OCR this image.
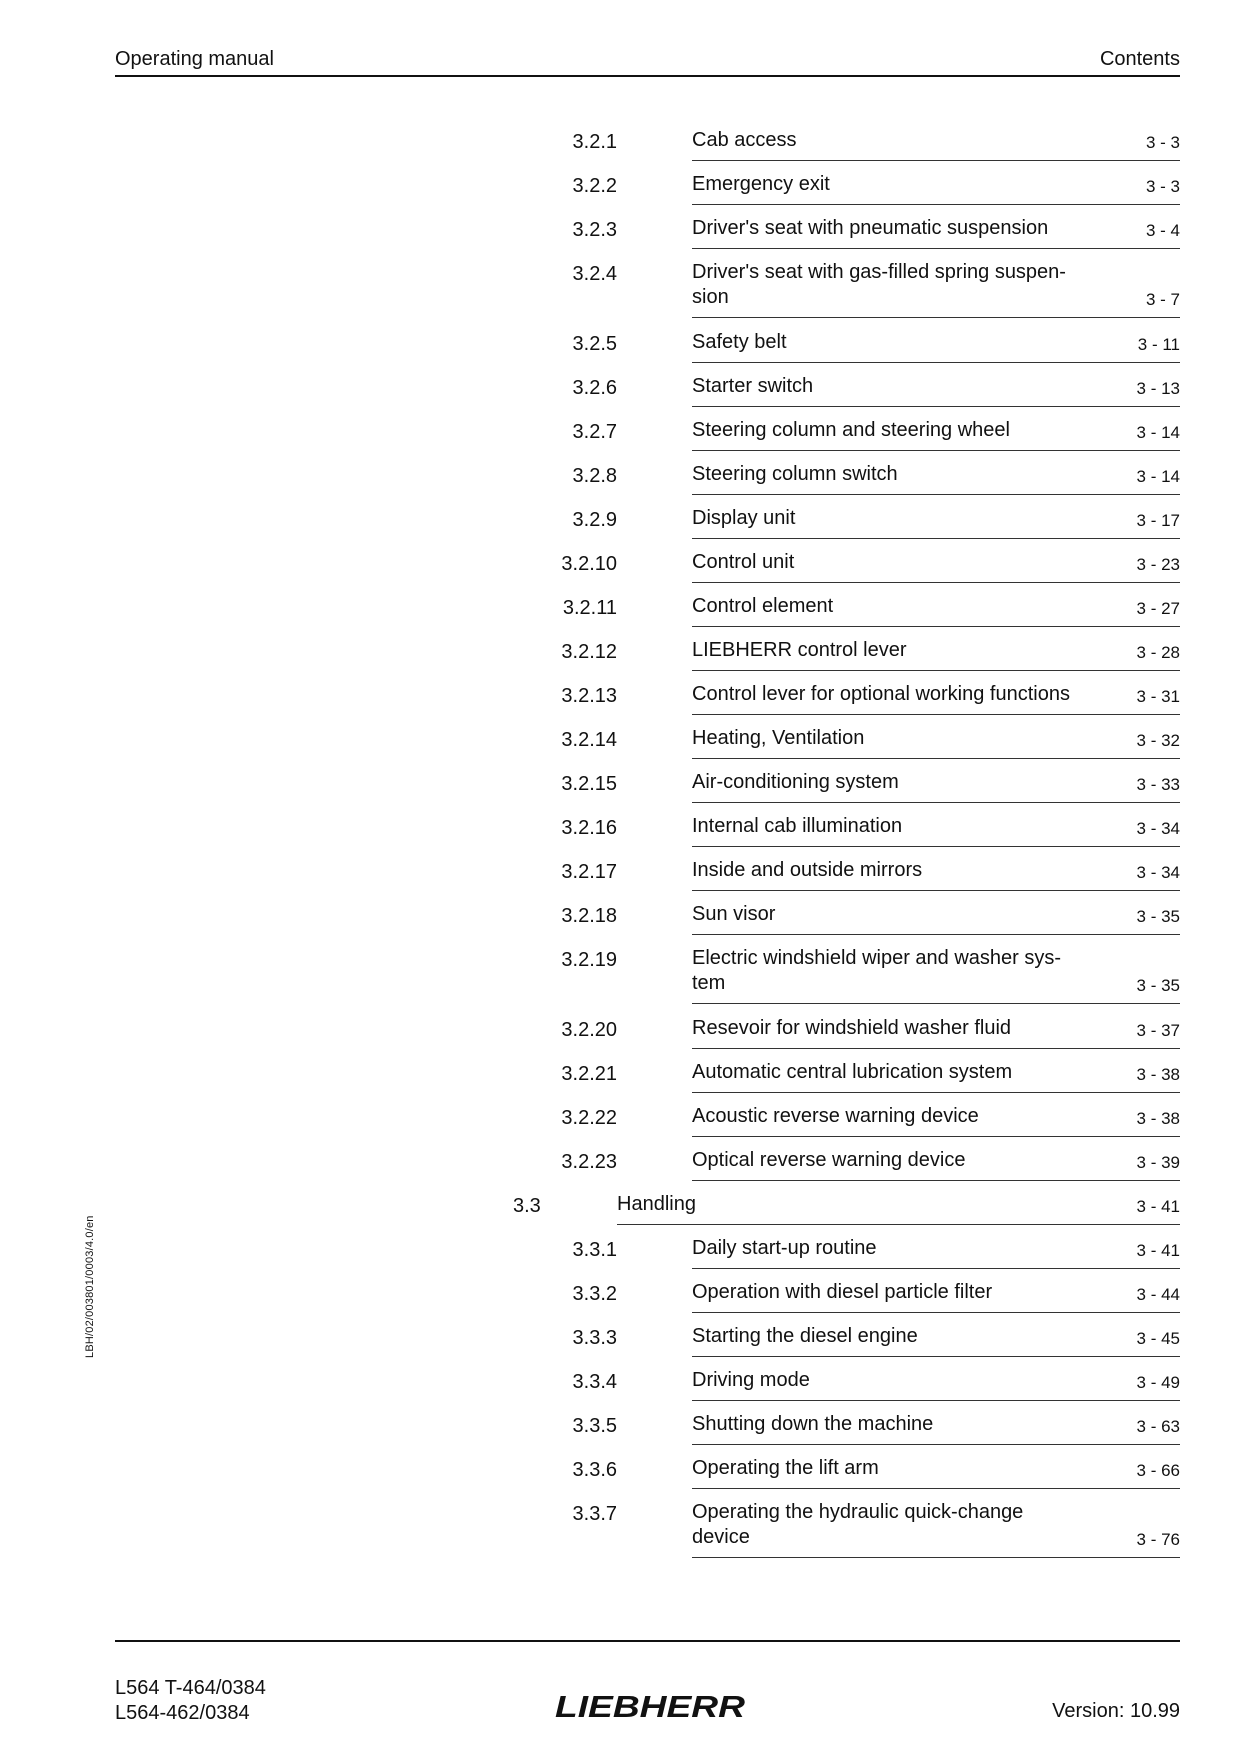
Operating manual	Contents
LBH/02/003801/0003/4.0/en
3.2.1	Cab access	3 - 3
3.2.2	Emergency exit	3 - 3
3.2.3	Driver's seat with pneumatic suspension	3 - 4
3.2.4	Driver's seat with gas-filled spring suspen-
sion	3 - 7
3.2.5	Safety belt	3 - 11
3.2.6	Starter switch	3 - 13
3.2.7	Steering column and steering wheel	3 - 14
3.2.8	Steering column switch	3 - 14
3.2.9	Display unit	3 - 17
3.2.10	Control unit	3 - 23
3.2.11	Control element	3 - 27
3.2.12	LIEBHERR control lever	3 - 28
3.2.13	Control lever for optional working functions	3 - 31
3.2.14	Heating, Ventilation	3 - 32
3.2.15	Air-conditioning system	3 - 33
3.2.16	Internal cab illumination	3 - 34
3.2.17	Inside and outside mirrors	3 - 34
3.2.18	Sun visor	3 - 35
3.2.19	Electric windshield wiper and washer sys-
tem	3 - 35
3.2.20	Resevoir for windshield washer fluid	3 - 37
3.2.21	Automatic central lubrication system	3 - 38
3.2.22	Acoustic reverse warning device	3 - 38
3.2.23	Optical reverse warning device	3 - 39
3.3	Handling	3 - 41
3.3.1	Daily start-up routine	3 - 41
3.3.2	Operation with diesel particle filter	3 - 44
3.3.3	Starting the diesel engine	3 - 45
3.3.4	Driving mode	3 - 49
3.3.5	Shutting down the machine	3 - 63
3.3.6	Operating the lift arm	3 - 66
3.3.7	Operating the hydraulic quick-change
device	3 - 76
L564 T-464/0384
L564-462/0384	LIEBHERR	Version: 10.99
